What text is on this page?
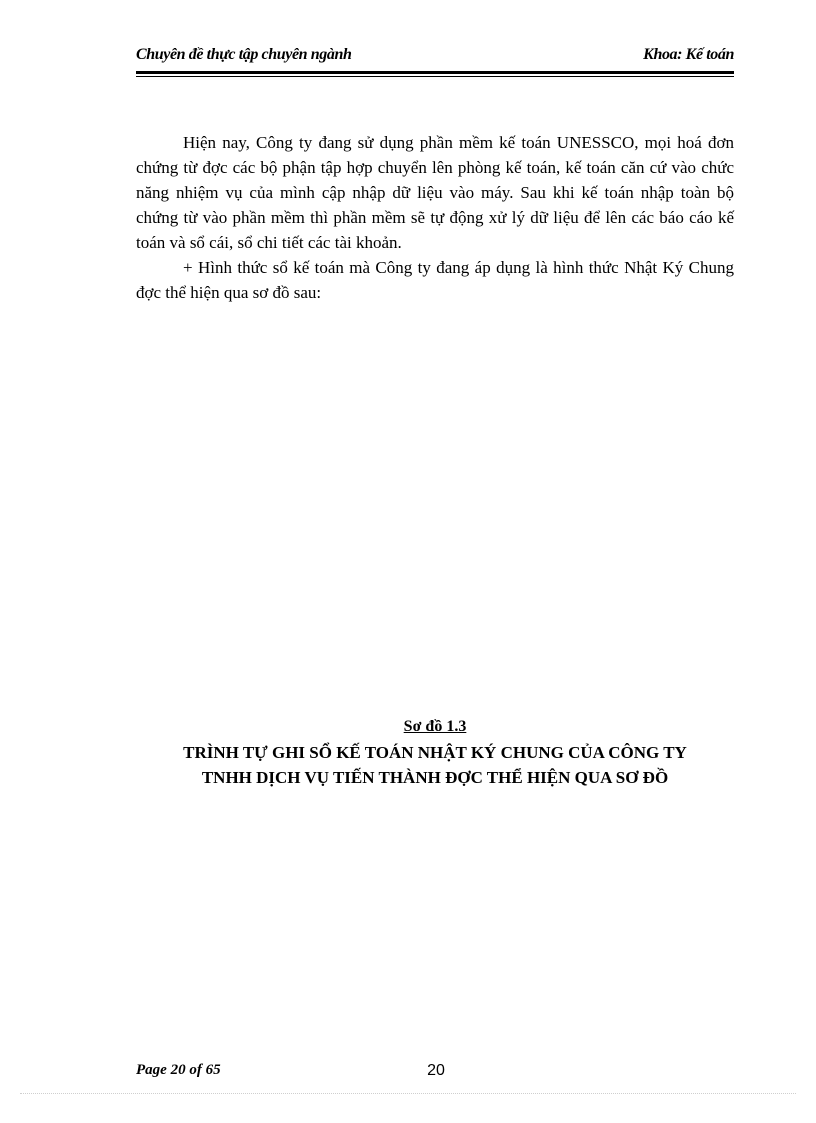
Chuyên đề thực tập chuyên ngành	Khoa: Kế toán

Hiện nay, Công ty đang sử dụng phần mềm kế toán UNESSCO, mọi hoá đơn chứng từ đợc các bộ phận tập hợp chuyển lên phòng kế toán, kế toán căn cứ vào chức năng nhiệm vụ của mình cập nhập dữ liệu vào máy. Sau khi kế toán nhập toàn bộ chứng từ vào phần mềm thì phần mềm sẽ tự động xử lý dữ liệu để lên các báo cáo kế toán và sổ cái, sổ chi tiết các tài khoản.

+ Hình thức sổ kế toán mà Công ty đang áp dụng là hình thức Nhật Ký Chung đợc thể hiện qua sơ đồ sau:

Sơ đồ 1.3
TRÌNH TỰ GHI SỔ KẾ TOÁN NHẬT KÝ CHUNG CỦA CÔNG TY
TNHH DỊCH VỤ TIẾN THÀNH ĐỢC THỂ HIỆN QUA SƠ ĐỒ
Page 20 of 65	20
